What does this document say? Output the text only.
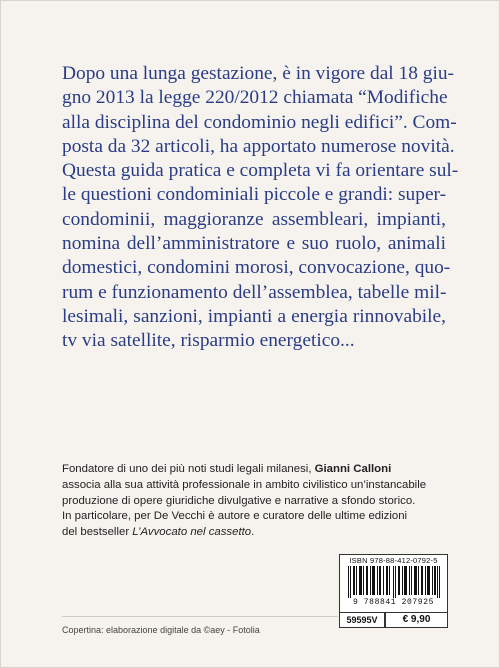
Dopo una lunga gestazione, è in vigore dal 18 giu-
gno 2013 la legge 220/2012 chiamata “Modifiche
alla disciplina del condominio negli edifici”. Com-
posta da 32 articoli, ha apportato numerose novità.
Questa guida pratica e completa vi fa orientare sul-
le questioni condominiali piccole e grandi: super-
condominii, maggioranze assembleari, impianti,
nomina dell’amministratore e suo ruolo, animali
domestici, condomini morosi, convocazione, quo-
rum e funzionamento dell’assemblea, tabelle mil-
lesimali, sanzioni, impianti a energia rinnovabile,
tv via satellite, risparmio energetico...
Fondatore di uno dei più noti studi legali milanesi, Gianni Calloni
associa alla sua attività professionale in ambito civilistico un’instancabile
produzione di opere giuridiche divulgative e narrative a sfondo storico.
In particolare, per De Vecchi è autore e curatore delle ultime edizioni
del bestseller L’Avvocato nel cassetto.
ISBN 978-88-412-0792-5
9 788841 207925
59595V	€ 9,90
Copertina: elaborazione digitale da ©aey - Fotolia
